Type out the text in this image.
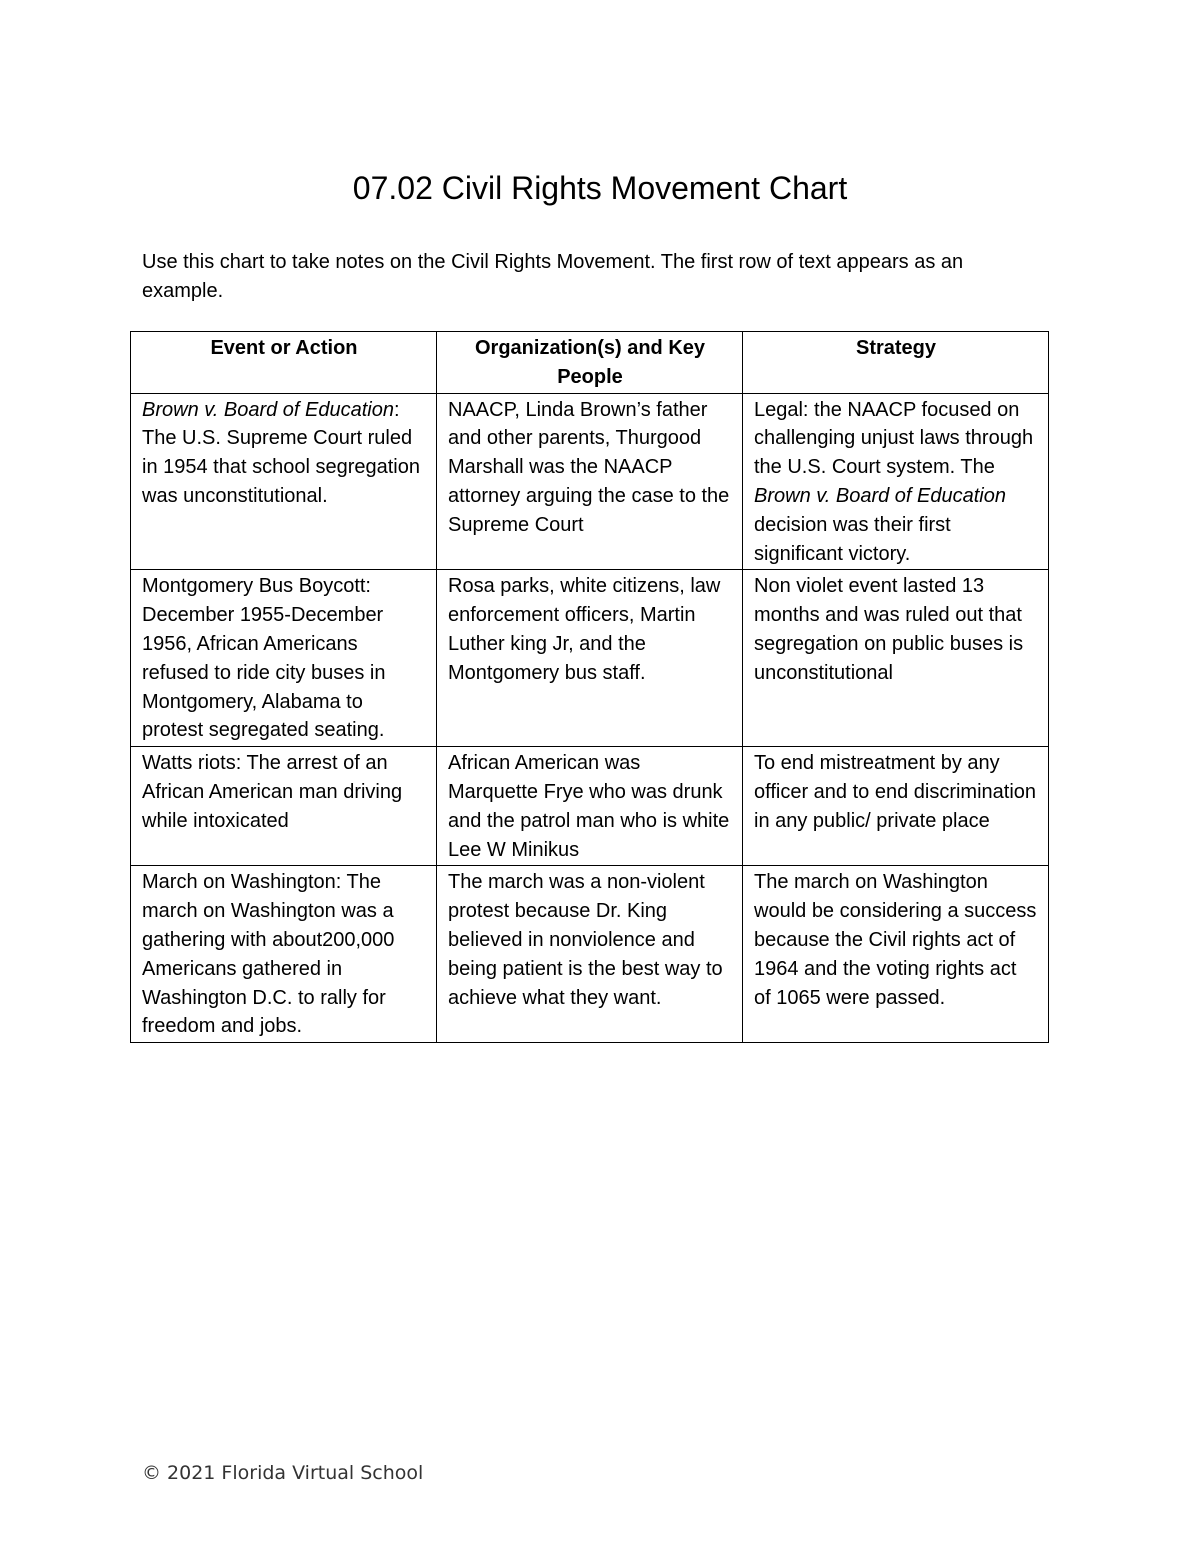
07.02 Civil Rights Movement Chart

Use this chart to take notes on the Civil Rights Movement. The first row of text appears as an example.

Event or Action	Organization(s) and Key People	Strategy
Brown v. Board of Education: The U.S. Supreme Court ruled in 1954 that school segregation was unconstitutional.	NAACP, Linda Brown’s father and other parents, Thurgood Marshall was the NAACP attorney arguing the case to the Supreme Court	Legal: the NAACP focused on challenging unjust laws through the U.S. Court system. The Brown v. Board of Education decision was their first significant victory.
Montgomery Bus Boycott: December 1955-December 1956, African Americans refused to ride city buses in Montgomery, Alabama to protest segregated seating.	Rosa parks, white citizens, law enforcement officers, Martin Luther king Jr, and the Montgomery bus staff.	Non violet event lasted 13 months and was ruled out that segregation on public buses is unconstitutional
Watts riots: The arrest of an African American man driving while intoxicated	African American was Marquette Frye who was drunk and the patrol man who is white Lee W Minikus	To end mistreatment by any officer and to end discrimination in any public/ private place
March on Washington: The march on Washington was a gathering with about200,000 Americans gathered in Washington D.C. to rally for freedom and jobs.	The march was a non-violent protest because Dr. King believed in nonviolence and being patient is the best way to achieve what they want.	The march on Washington would be considering a success because the Civil rights act of 1964 and the voting rights act of 1065 were passed.

© 2021 Florida Virtual School
